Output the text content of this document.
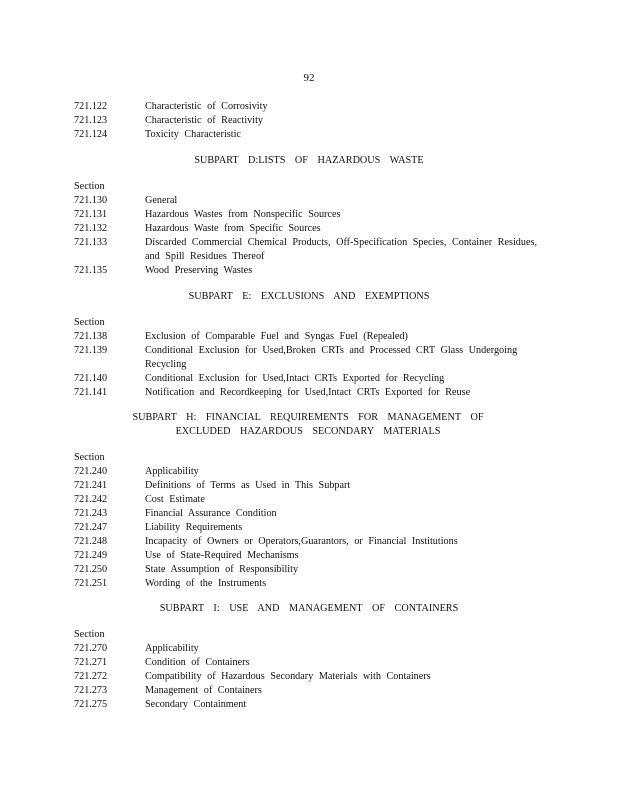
92
721.122	Characteristic of Corrosivity
721.123	Characteristic of Reactivity
721.124	Toxicity Characteristic
SUBPART D:LISTS OF HAZARDOUS WASTE
Section
721.130	General
721.131	Hazardous Wastes from Nonspecific Sources
721.132	Hazardous Waste from Specific Sources
721.133	Discarded Commercial Chemical Products, Off-Specification Species, Container Residues, and Spill Residues Thereof
721.135	Wood Preserving Wastes
SUBPART E: EXCLUSIONS AND EXEMPTIONS
Section
721.138	Exclusion of Comparable Fuel and Syngas Fuel (Repealed)
721.139	Conditional Exclusion for Used,Broken CRTs and Processed CRT Glass Undergoing Recycling
721.140	Conditional Exclusion for Used,Intact CRTs Exported for Recycling
721.141	Notification and Recordkeeping for Used,Intact CRTs Exported for Reuse
SUBPART H: FINANCIAL REQUIREMENTS FOR MANAGEMENT OF EXCLUDED HAZARDOUS SECONDARY MATERIALS
Section
721.240	Applicability
721.241	Definitions of Terms as Used in This Subpart
721.242	Cost Estimate
721.243	Financial Assurance Condition
721.247	Liability Requirements
721.248	Incapacity of Owners or Operators,Guarantors, or Financial Institutions
721.249	Use of State-Required Mechanisms
721.250	State Assumption of Responsibility
721.251	Wording of the Instruments
SUBPART I: USE AND MANAGEMENT OF CONTAINERS
Section
721.270	Applicability
721.271	Condition of Containers
721.272	Compatibility of Hazardous Secondary Materials with Containers
721.273	Management of Containers
721.275	Secondary Containment
